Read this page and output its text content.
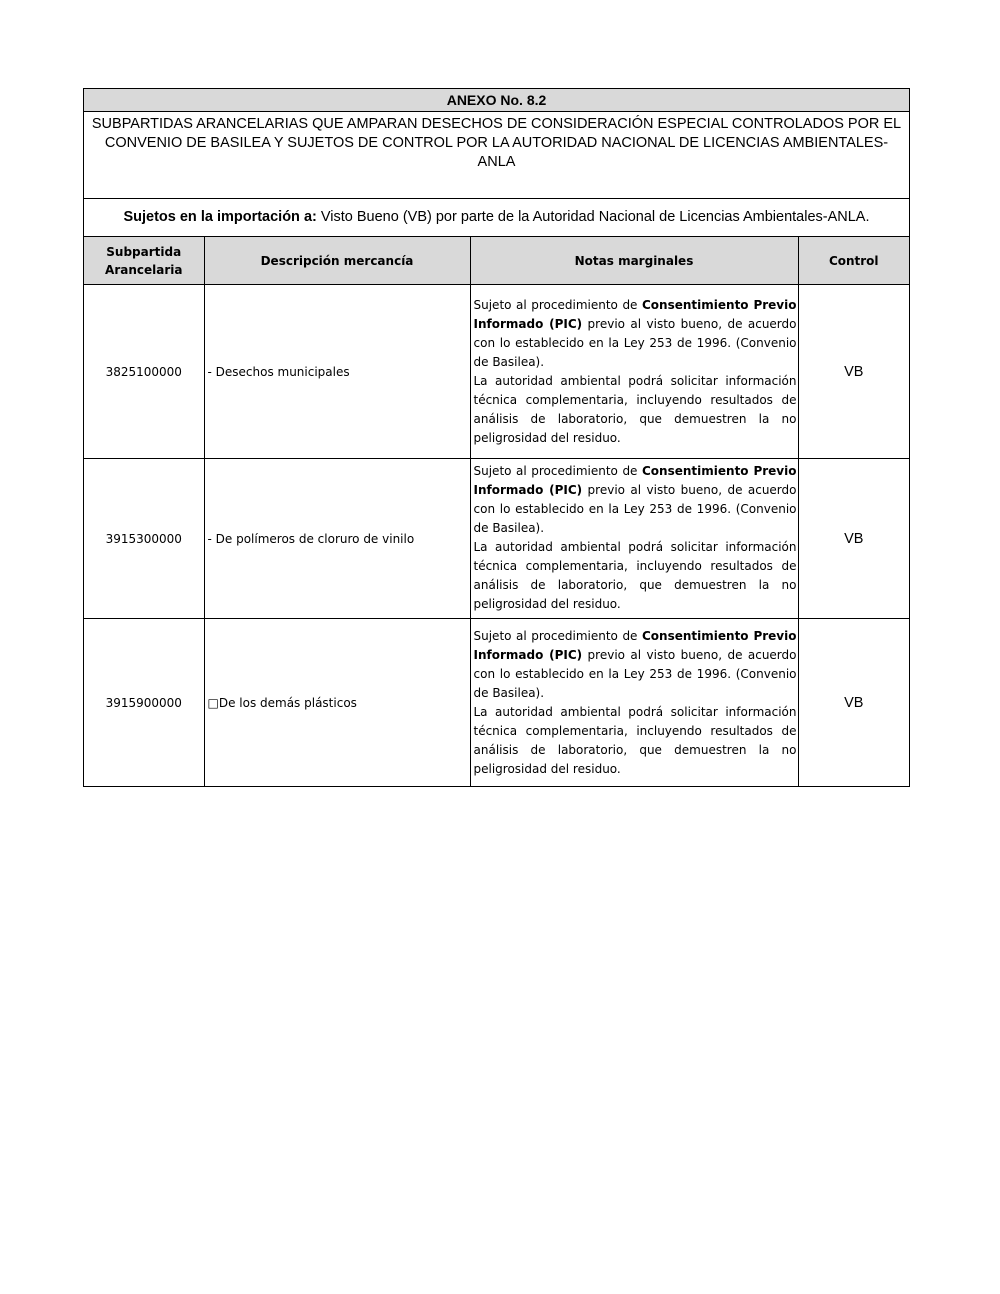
ANEXO No. 8.2
SUBPARTIDAS ARANCELARIAS QUE AMPARAN DESECHOS DE CONSIDERACIÓN ESPECIAL CONTROLADOS POR EL CONVENIO DE BASILEA Y SUJETOS DE CONTROL POR LA AUTORIDAD NACIONAL DE LICENCIAS AMBIENTALES- ANLA
Sujetos en la importación a: Visto Bueno (VB) por parte de la Autoridad Nacional de Licencias Ambientales-ANLA.
Subpartida Arancelaria	Descripción mercancía	Notas marginales	Control
3825100000	- Desechos municipales	Sujeto al procedimiento de Consentimiento Previo Informado (PIC) previo al visto bueno, de acuerdo con lo establecido en la Ley 253 de 1996. (Convenio de Basilea).
La autoridad ambiental podrá solicitar información técnica complementaria, incluyendo resultados de análisis de laboratorio, que demuestren la no peligrosidad del residuo.	VB
3915300000	- De polímeros de cloruro de vinilo	Sujeto al procedimiento de Consentimiento Previo Informado (PIC) previo al visto bueno, de acuerdo con lo establecido en la Ley 253 de 1996. (Convenio de Basilea).
La autoridad ambiental podrá solicitar información técnica complementaria, incluyendo resultados de análisis de laboratorio, que demuestren la no peligrosidad del residuo.	VB
3915900000	□De los demás plásticos	Sujeto al procedimiento de Consentimiento Previo Informado (PIC) previo al visto bueno, de acuerdo con lo establecido en la Ley 253 de 1996. (Convenio de Basilea).
La autoridad ambiental podrá solicitar información técnica complementaria, incluyendo resultados de análisis de laboratorio, que demuestren la no peligrosidad del residuo.	VB
